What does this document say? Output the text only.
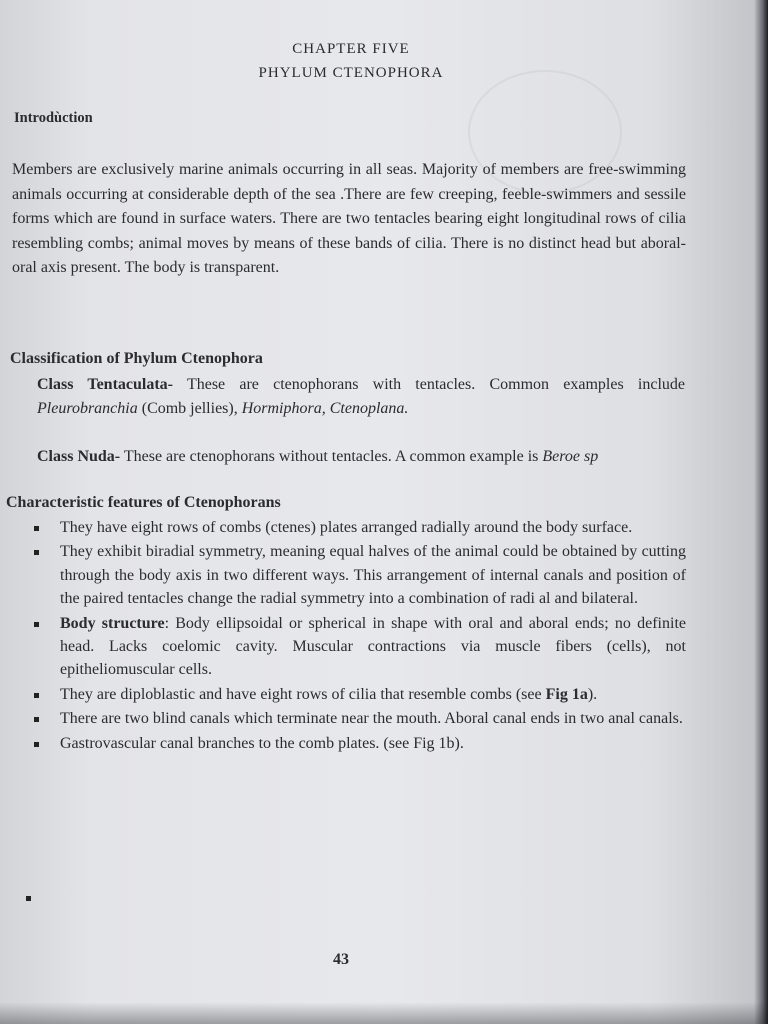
CHAPTER FIVE
PHYLUM CTENOPHORA
Introdùction
Members are exclusively marine animals occurring in all seas. Majority of members are free-swimming animals occurring at considerable depth of the sea .There are few creeping, feeble-swimmers and sessile forms which are found in surface waters. There are two tentacles bearing eight longitudinal rows of cilia resembling combs; animal moves by means of these bands of cilia. There is no distinct head but aboral-oral axis present. The body is transparent.
Classification of Phylum Ctenophora
Class Tentaculata- These are ctenophorans with tentacles. Common examples include Pleurobranchia (Comb jellies), Hormiphora, Ctenoplana.
Class Nuda- These are ctenophorans without tentacles. A common example is Beroe sp
Characteristic features of Ctenophorans
They have eight rows of combs (ctenes) plates arranged radially around the body surface.
They exhibit biradial symmetry, meaning equal halves of the animal could be obtained by cutting through the body axis in two different ways. This arrangement of internal canals and position of the paired tentacles change the radial symmetry into a combination of radi al and bilateral.
Body structure: Body ellipsoidal or spherical in shape with oral and aboral ends; no definite head. Lacks coelomic cavity. Muscular contractions via muscle fibers (cells), not epitheliomuscular cells.
They are diploblastic and have eight rows of cilia that resemble combs (see Fig 1a).
There are two blind canals which terminate near the mouth. Aboral canal ends in two anal canals.
Gastrovascular canal branches to the comb plates. (see Fig 1b).
43
